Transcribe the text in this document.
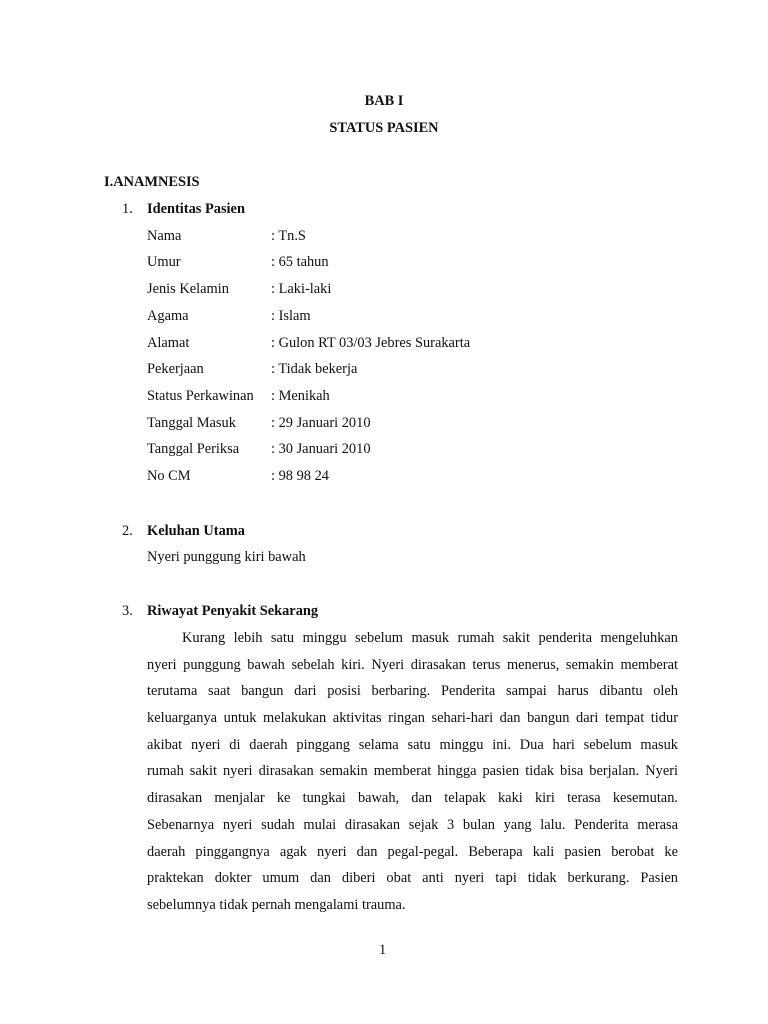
BAB I
STATUS PASIEN
I.ANAMNESIS
1. Identitas Pasien
Nama	: Tn.S
Umur	: 65 tahun
Jenis Kelamin	: Laki-laki
Agama	: Islam
Alamat	: Gulon RT 03/03 Jebres Surakarta
Pekerjaan	: Tidak bekerja
Status Perkawinan : Menikah
Tanggal Masuk : 29 Januari 2010
Tanggal Periksa : 30 Januari 2010
No CM	: 98 98 24
2. Keluhan Utama
Nyeri punggung kiri bawah
3. Riwayat Penyakit Sekarang
Kurang lebih satu minggu sebelum masuk rumah sakit penderita mengeluhkan
nyeri punggung bawah sebelah kiri. Nyeri dirasakan terus menerus, semakin memberat
terutama saat bangun dari posisi berbaring. Penderita sampai harus dibantu oleh
keluarganya untuk melakukan aktivitas ringan sehari-hari dan bangun dari tempat tidur
akibat nyeri di daerah pinggang selama satu minggu ini. Dua hari sebelum masuk
rumah sakit nyeri dirasakan semakin memberat hingga pasien tidak bisa berjalan. Nyeri
dirasakan menjalar ke tungkai bawah, dan telapak kaki kiri terasa kesemutan.
Sebenarnya nyeri sudah mulai dirasakan sejak 3 bulan yang lalu. Penderita merasa
daerah pinggangnya agak nyeri dan pegal-pegal. Beberapa kali pasien berobat ke
praktekan dokter umum dan diberi obat anti nyeri tapi tidak berkurang. Pasien
sebelumnya tidak pernah mengalami trauma.
1
